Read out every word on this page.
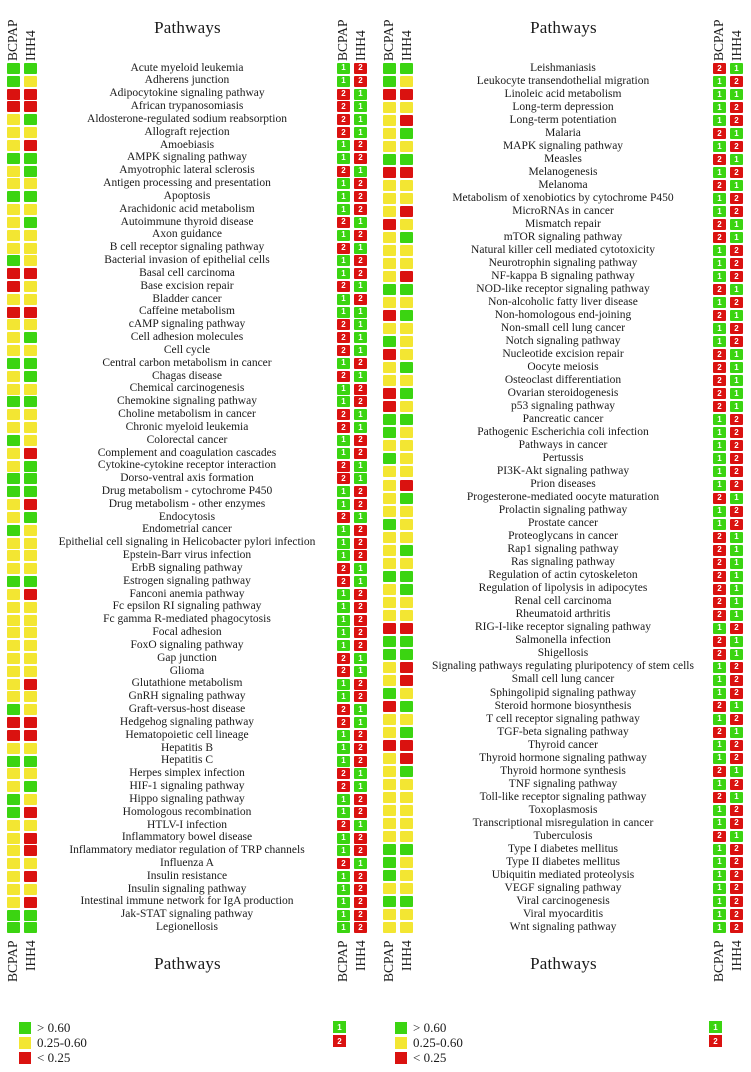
BCPAP IHH4
Pathways	BCPAP IHH4
Acute myeloid leukemia	1	2
Adherens junction	1	2
Adipocytokine signaling pathway	2	1
African trypanosomiasis	2	1
Aldosterone-regulated sodium reabsorption	2	1
Allograft rejection	2	1
Amoebiasis	1	2
AMPK signaling pathway	1	2
Amyotrophic lateral sclerosis	2	1
Antigen processing and presentation	1	2
Apoptosis	1	2
Arachidonic acid metabolism	1	2
Autoimmune thyroid disease	2	1
Axon guidance	1	2
B cell receptor signaling pathway	2	1
Bacterial invasion of epithelial cells	1	2
Basal cell carcinoma	1	2
Base excision repair	2	1
Bladder cancer	1	2
Caffeine metabolism	1	1
cAMP signaling pathway	2	1
Cell adhesion molecules	2	1
Cell cycle	2	1
Central carbon metabolism in cancer	1	2
Chagas disease	2	1
Chemical carcinogenesis	1	2
Chemokine signaling pathway	1	2
Choline metabolism in cancer	2	1
Chronic myeloid leukemia	2	1
Colorectal cancer	1	2
Complement and coagulation cascades	1	2
Cytokine-cytokine receptor interaction	2	1
Dorso-ventral axis formation	2	1
Drug metabolism - cytochrome P450	1	2
Drug metabolism - other enzymes	1	2
Endocytosis	2	1
Endometrial cancer	1	2
Epithelial cell signaling in Helicobacter pylori infection	1	2
Epstein-Barr virus infection	1	2
ErbB signaling pathway	2	1
Estrogen signaling pathway	2	1
Fanconi anemia pathway	1	2
Fc epsilon RI signaling pathway	1	2
Fc gamma R-mediated phagocytosis	1	2
Focal adhesion	1	2
FoxO signaling pathway	1	2
Gap junction	2	1
Glioma	2	1
Glutathione metabolism	1	2
GnRH signaling pathway	1	2
Graft-versus-host disease	2	1
Hedgehog signaling pathway	2	1
Hematopoietic cell lineage	1	2
Hepatitis B	1	2
Hepatitis C	1	2
Herpes simplex infection	2	1
HIF-1 signaling pathway	2	1
Hippo signaling pathway	1	2
Homologous recombination	1	2
HTLV-I infection	2	1
Inflammatory bowel disease	1	2
Inflammatory mediator regulation of TRP channels	1	2
Influenza A	2	1
Insulin resistance	1	2
Insulin signaling pathway	1	2
Intestinal immune network for IgA production	1	2
Jak-STAT signaling pathway	1	2
Legionellosis	1	2
BCPAP IHH4	Pathways	BCPAP IHH4
> 0.60
0.25-0.60
< 0.25
1
2
BCPAP IHH4
Pathways	BCPAP IHH4
Leishmaniasis	2	1
Leukocyte transendothelial migration	1	2
Linoleic acid metabolism	1	1
Long-term depression	1	2
Long-term potentiation	1	2
Malaria	2	1
MAPK signaling pathway	1	2
Measles	2	1
Melanogenesis	1	2
Melanoma	2	1
Metabolism of xenobiotics by cytochrome P450	1	2
MicroRNAs in cancer	1	2
Mismatch repair	2	1
mTOR signaling pathway	2	1
Natural killer cell mediated cytotoxicity	1	2
Neurotrophin signaling pathway	1	2
NF-kappa B signaling pathway	1	2
NOD-like receptor signaling pathway	2	1
Non-alcoholic fatty liver disease	1	2
Non-homologous end-joining	2	1
Non-small cell lung cancer	1	2
Notch signaling pathway	1	2
Nucleotide excision repair	2	1
Oocyte meiosis	2	1
Osteoclast differentiation	2	1
Ovarian steroidogenesis	2	1
p53 signaling pathway	2	1
Pancreatic cancer	1	2
Pathogenic Escherichia coli infection	1	2
Pathways in cancer	1	2
Pertussis	1	2
PI3K-Akt signaling pathway	1	2
Prion diseases	1	2
Progesterone-mediated oocyte maturation	2	1
Prolactin signaling pathway	1	2
Prostate cancer	1	2
Proteoglycans in cancer	2	1
Rap1 signaling pathway	2	1
Ras signaling pathway	2	1
Regulation of actin cytoskeleton	2	1
Regulation of lipolysis in adipocytes	2	1
Renal cell carcinoma	2	1
Rheumatoid arthritis	2	1
RIG-I-like receptor signaling pathway	1	2
Salmonella infection	2	1
Shigellosis	2	1
Signaling pathways regulating pluripotency of stem cells	1	2
Small cell lung cancer	1	2
Sphingolipid signaling pathway	1	2
Steroid hormone biosynthesis	2	1
T cell receptor signaling pathway	1	2
TGF-beta signaling pathway	2	1
Thyroid cancer	1	2
Thyroid hormone signaling pathway	1	2
Thyroid hormone synthesis	2	1
TNF signaling pathway	1	2
Toll-like receptor signaling pathway	2	1
Toxoplasmosis	1	2
Transcriptional misregulation in cancer	1	2
Tuberculosis	2	1
Type I diabetes mellitus	1	2
Type II diabetes mellitus	1	2
Ubiquitin mediated proteolysis	1	2
VEGF signaling pathway	1	2
Viral carcinogenesis	1	2
Viral myocarditis	1	2
Wnt signaling pathway	1	2
BCPAP IHH4	Pathways	BCPAP IHH4
> 0.60
0.25-0.60
< 0.25
1
2
